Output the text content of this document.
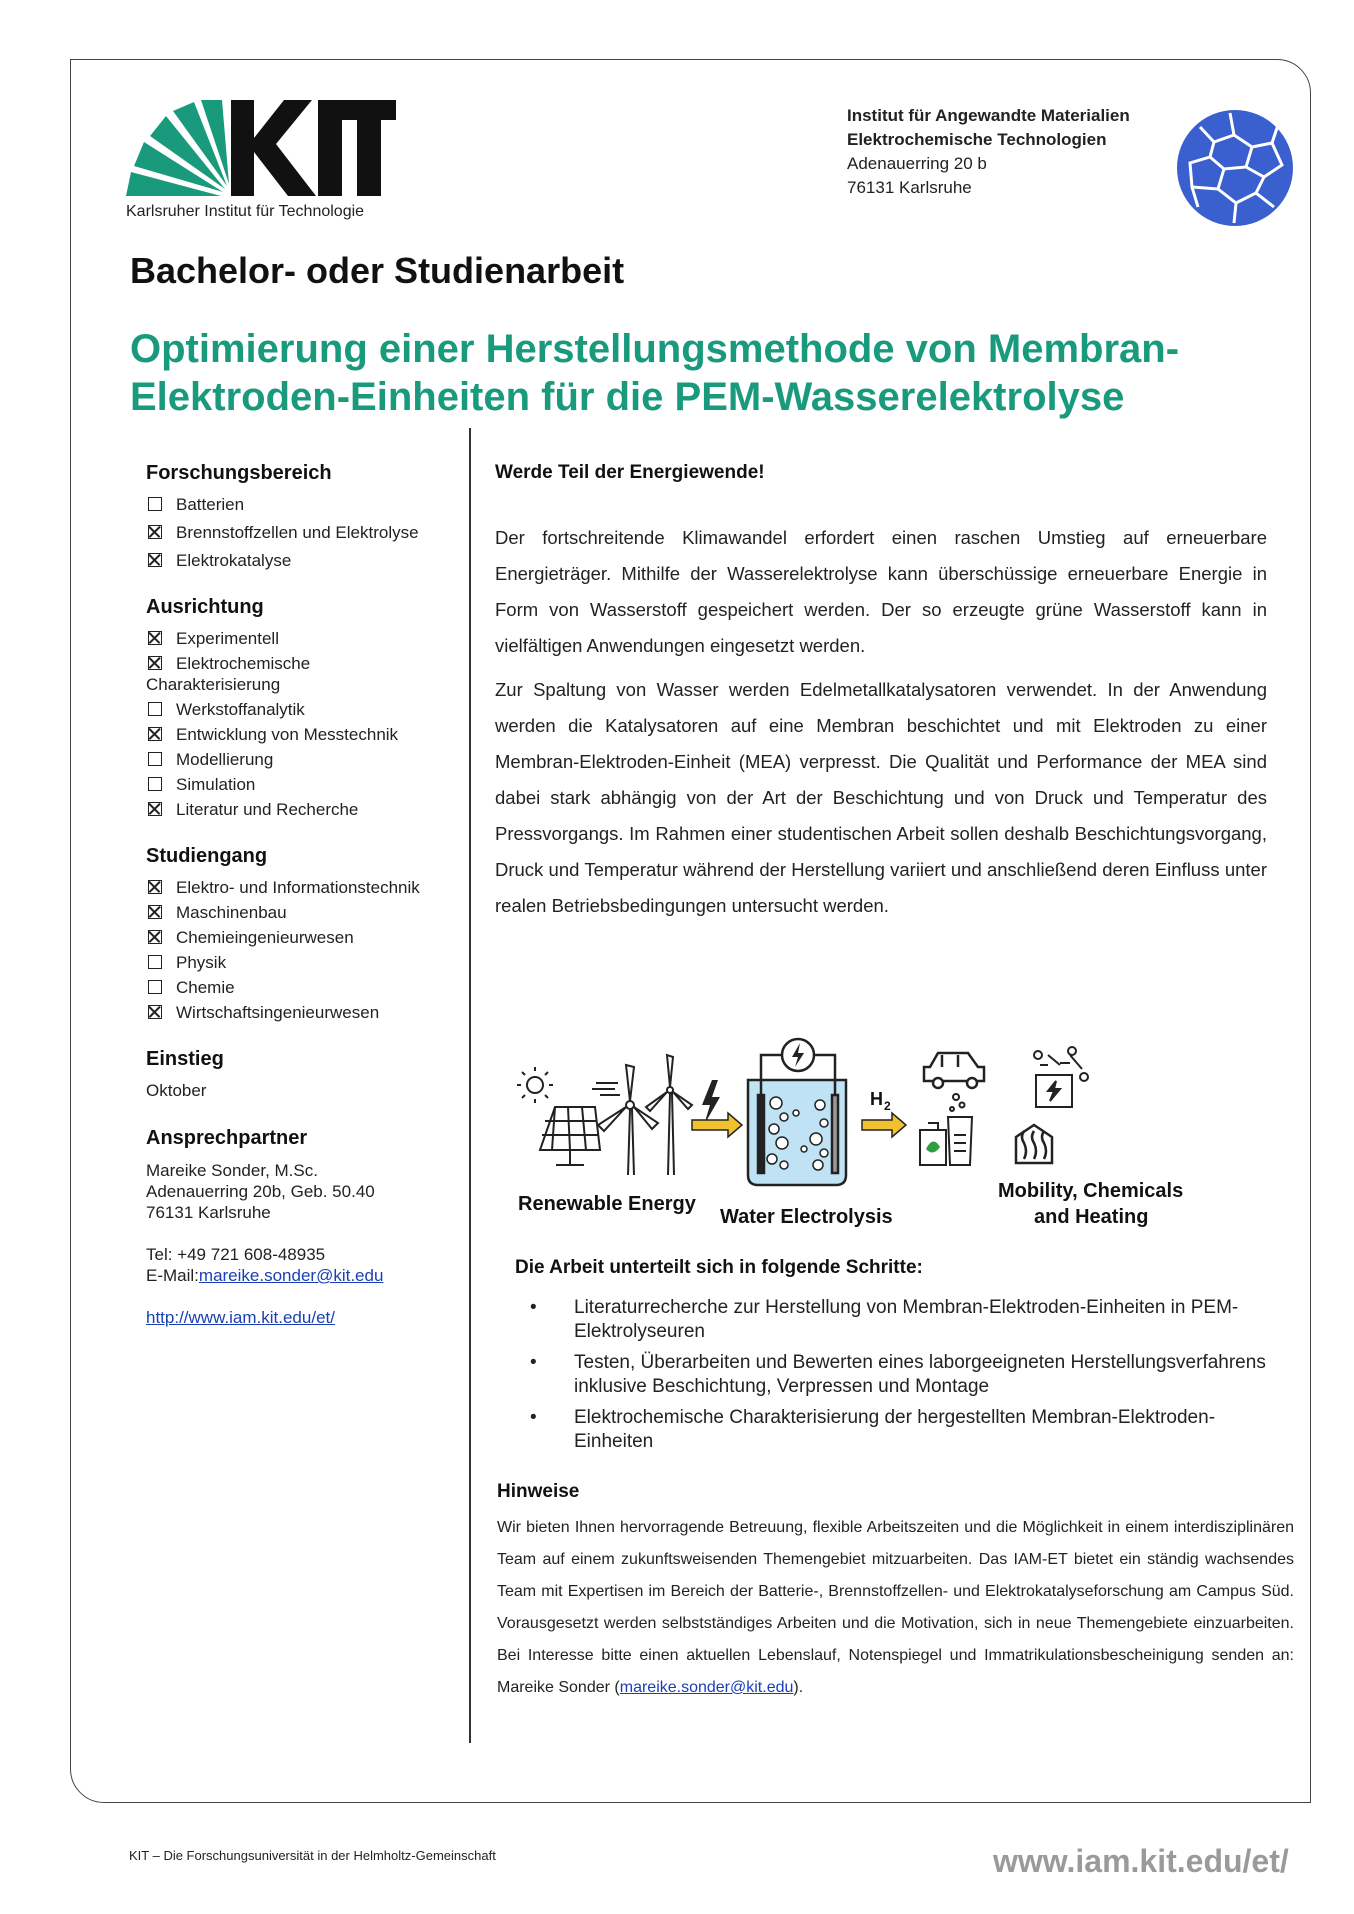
Karlsruher Institut für Technologie
Institut für Angewandte Materialien
Elektrochemische Technologien
Adenauerring 20 b
76131 Karlsruhe
Bachelor- oder Studienarbeit
Optimierung einer Herstellungsmethode von Membran-
Elektroden-Einheiten für die PEM-Wasserelektrolyse
Forschungsbereich
Batterien
Brennstoffzellen und Elektrolyse
Elektrokatalyse
Ausrichtung
Experimentell
Elektrochemische
Charakterisierung
Werkstoffanalytik
Entwicklung von Messtechnik
Modellierung
Simulation
Literatur und Recherche
Studiengang
Elektro- und Informationstechnik
Maschinenbau
Chemieingenieurwesen
Physik
Chemie
Wirtschaftsingenieurwesen
Einstieg
Oktober
Ansprechpartner
Mareike Sonder, M.Sc.
Adenauerring 20b, Geb. 50.40
76131 Karlsruhe
Tel: +49 721 608-48935
E-Mail:mareike.sonder@kit.edu
http://www.iam.kit.edu/et/
Werde Teil der Energiewende!

Der fortschreitende Klimawandel erfordert einen raschen Umstieg auf erneuerbare Energieträger. Mithilfe der Wasserelektrolyse kann überschüssige erneuerbare Energie in Form von Wasserstoff gespeichert werden. Der so erzeugte grüne Wasserstoff kann in vielfältigen Anwendungen eingesetzt werden.

Zur Spaltung von Wasser werden Edelmetallkatalysatoren verwendet. In der Anwendung werden die Katalysatoren auf eine Membran beschichtet und mit Elektroden zu einer Membran-Elektroden-Einheit (MEA) verpresst. Die Qualität und Performance der MEA sind dabei stark abhängig von der Art der Beschichtung und von Druck und Temperatur des Pressvorgangs. Im Rahmen einer studentischen Arbeit sollen deshalb Beschichtungsvorgang, Druck und Temperatur während der Herstellung variiert und anschließend deren Einfluss unter realen Betriebsbedingungen untersucht werden.

H 2
Renewable Energy
Water Electrolysis
Mobility, Chemicals
and Heating
Die Arbeit unterteilt sich in folgende Schritte:
•	Literaturrecherche zur Herstellung von Membran-Elektroden-Einheiten in PEM-Elektrolyseuren
•	Testen, Überarbeiten und Bewerten eines laborgeeigneten Herstellungsverfahrens inklusive Beschichtung, Verpressen und Montage
•	Elektrochemische Charakterisierung der hergestellten Membran-Elektroden-Einheiten
Hinweise
Wir bieten Ihnen hervorragende Betreuung, flexible Arbeitszeiten und die Möglichkeit in einem interdisziplinären Team auf einem zukunftsweisenden Themengebiet mitzuarbeiten. Das IAM-ET bietet ein ständig wachsendes Team mit Expertisen im Bereich der Batterie-, Brennstoffzellen- und Elektrokatalyseforschung am Campus Süd. Vorausgesetzt werden selbstständiges Arbeiten und die Motivation, sich in neue Themengebiete einzuarbeiten. Bei Interesse bitte einen aktuellen Lebenslauf, Notenspiegel und Immatrikulationsbescheinigung senden an: Mareike Sonder (mareike.sonder@kit.edu).
KIT – Die Forschungsuniversität in der Helmholtz-Gemeinschaft	www.iam.kit.edu/et/
